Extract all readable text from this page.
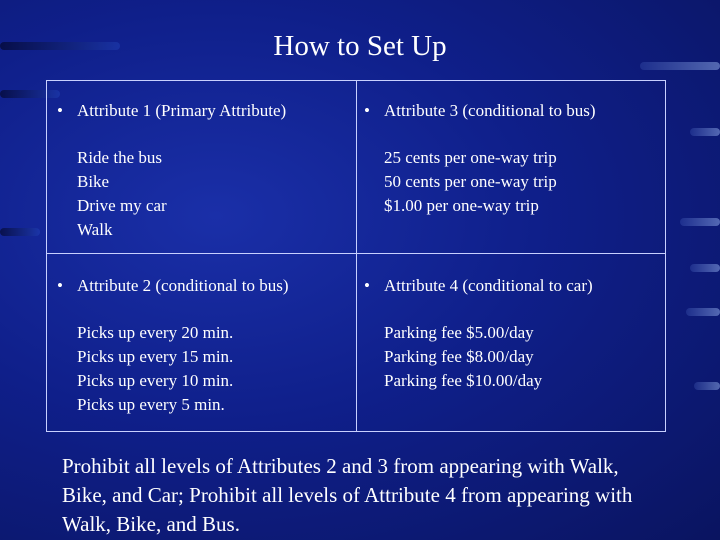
How to Set Up
• Attribute 1 (Primary Attribute)
Ride the bus
Bike
Drive my car
Walk
• Attribute 3 (conditional to bus)
25 cents per one-way trip
50 cents per one-way trip
$1.00 per one-way trip
• Attribute 2 (conditional to bus)
Picks up every 20 min.
Picks up every 15 min.
Picks up every 10 min.
Picks up every 5 min.
• Attribute 4 (conditional to car)
Parking fee $5.00/day
Parking fee $8.00/day
Parking fee $10.00/day
Prohibit all levels of Attributes 2 and 3 from appearing with Walk, Bike, and Car; Prohibit all levels of Attribute 4 from appearing with Walk, Bike, and Bus.
